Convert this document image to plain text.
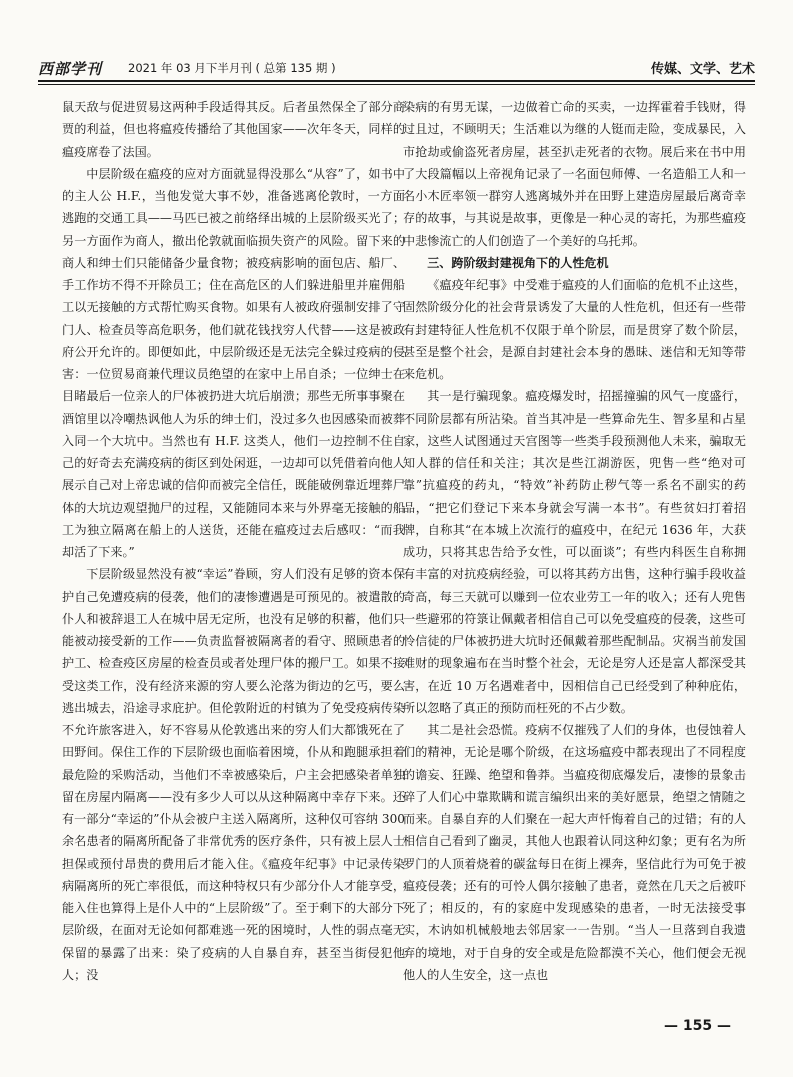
西部学刊 2021 年 03 月下半月刊 ( 总第 135 期 )	传媒、文学、艺术

鼠天敌与促进贸易这两种手段适得其反。后者虽然保全了部分商贾的利益，但也将瘟疫传播给了其他国家——次年冬天，同样的瘟疫席卷了法国。

中层阶级在瘟疫的应对方面就显得没那么“从容”了，如书中的主人公 H.F.，当他发觉大事不妙，准备逃离伦敦时，一方面逃跑的交通工具——马匹已被之前络绎出城的上层阶级买光了；另一方面作为商人，撤出伦敦就面临损失资产的风险。留下来的商人和绅士们只能储备少量食物；被疫病影响的面包店、船厂、手工作坊不得不开除员工；住在高危区的人们躲进船里并雇佣船工以无接触的方式帮忙购买食物。如果有人被政府强制安排了守门人、检查员等高危职务，他们就花钱找穷人代替——这是被政府公开允许的。即便如此，中层阶级还是无法完全躲过疫病的侵害：一位贸易商兼代理议员绝望的在家中上吊自杀；一位绅士在目睹最后一位亲人的尸体被扔进大坑后崩溃；那些无所事事聚在酒馆里以冷嘲热讽他人为乐的绅士们，没过多久也因感染而被葬入同一个大坑中。当然也有 H.F. 这类人，他们一边控制不住自己的好奇去充满疫病的街区到处闲逛，一边却可以凭借着向他人展示自己对上帝忠诚的信仰而被完全信任，既能破例靠近埋葬尸体的大坑边观望抛尸的过程，又能随同本来与外界毫无接触的船工为独立隔离在船上的人送货，还能在瘟疫过去后感叹：“而我却活了下来。”

下层阶级显然没有被“幸运”眷顾，穷人们没有足够的资本保护自己免遭疫病的侵袭，他们的凄惨遭遇是可预见的。被遣散的仆人和被辞退工人在城中居无定所，也没有足够的积蓄，他们只能被动接受新的工作——负责监督被隔离者的看守、照顾患者的护工、检查疫区房屋的检查员或者处理尸体的搬尸工。如果不接受这类工作，没有经济来源的穷人要么沦落为街边的乞丐，要么逃出城去，沿途寻求庇护。但伦敦附近的村镇为了免受疫病传染不允许旅客进入，好不容易从伦敦逃出来的穷人们大都饿死在了田野间。保住工作的下层阶级也面临着困境，仆从和跑腿承担着最危险的采购活动，当他们不幸被感染后，户主会把感染者单独留在房屋内隔离——没有多少人可以从这种隔离中幸存下来。还有一部分“幸运的”仆从会被户主送入隔离所，这种仅可容纳 300 余名患者的隔离所配备了非常优秀的医疗条件，只有被上层人士担保或预付昂贵的费用后才能入住。《瘟疫年纪事》中记录传染病隔离所的死亡率很低，而这种特权只有少部分仆人才能享受，能入住也算得上是仆人中的“上层阶级”了。至于剩下的大部分下层阶级，在面对无论如何都难逃一死的困境时，人性的弱点毫无保留的暴露了出来：染了疫病的人自暴自弃，甚至当街侵犯他人；没

染病的有男无谋，一边做着亡命的买卖，一边挥霍着手钱财，得过且过，不顾明天；生活难以为继的人铤而走险，变成暴民，入市抢劫或偷盗死者房屋，甚至扒走死者的衣物。展后来在书中用了大段篇幅以上帝视角记录了一名面包师傅、一名造船工人和一名小木匠率领一群穷人逃离城外并在田野上建造房屋最后离奇幸存的故事，与其说是故事，更像是一种心灵的寄托，为那些瘟疫中悲惨流亡的人们创造了一个美好的乌托邦。

三、跨阶级封建视角下的人性危机

《瘟疫年纪事》中受难于瘟疫的人们面临的危机不止这些，固然阶级分化的社会背景诱发了大量的人性危机，但还有一些带有封建特征人性危机不仅限于单个阶层，而是贯穿了数个阶层，甚至是整个社会，是源自封建社会本身的愚昧、迷信和无知等带来危机。

其一是行骗现象。瘟疫爆发时，招摇撞骗的风气一度盛行，不同阶层都有所沾染。首当其冲是一些算命先生、智多星和占星家，这些人试图通过天宫图等一些类手段预测他人未来，骗取无知人群的信任和关注；其次是些江湖游医，兜售一些“绝对可靠”抗瘟疫的药丸，“特效”补药防止秽气等一系名不副实的药品，“把它们登记下来本身就会写满一本书”。有些贫妇打着招牌，自称其“在本城上次流行的瘟疫中，在纪元 1636 年，大获成功，只将其忠告给予女性，可以面谈”；有些内科医生自称拥有丰富的对抗疫病经验，可以将其药方出售，这种行骗手段收益奇高，每三天就可以赚到一位农业劳工一年的收入；还有人兜售一些避邪的符箓让佩戴者相信自己可以免受瘟疫的侵袭，这些可怜信徒的尸体被扔进大坑时还佩戴着那些配制品。灾祸当前发国难财的现象遍布在当时整个社会，无论是穷人还是富人都深受其害，在近 10 万名遇难者中，因相信自己已经受到了种种庇佑，所以忽略了真正的预防而枉死的不占少数。

其二是社会恐慌。疫病不仅摧残了人们的身体，也侵蚀着人们的精神，无论是哪个阶级，在这场瘟疫中都表现出了不同程度的谵妄、狂躁、绝望和鲁莽。当瘟疫彻底爆发后，凄惨的景象击碎了人们心中靠欺瞒和谎言编织出来的美好愿景，绝望之情随之而来。自暴自弃的人们聚在一起大声忏悔着自己的过错；有的人相信自己看到了幽灵，其他人也跟着认同这种幻象；更有名为所罗门的人顶着烧着的碳盆每日在街上裸奔，坚信此行为可免于被瘟疫侵袭；还有的可怜人偶尔接触了患者，竟然在几天之后被吓死了；相反的，有的家庭中发现感染的患者，一时无法接受事实，木讷如机械般地去邻居家一一告别。“当人一旦落到自我遗弃的境地，对于自身的安全或是危险都漠不关心，他们便会无视他人的人生安全，这一点也

— 155 —
